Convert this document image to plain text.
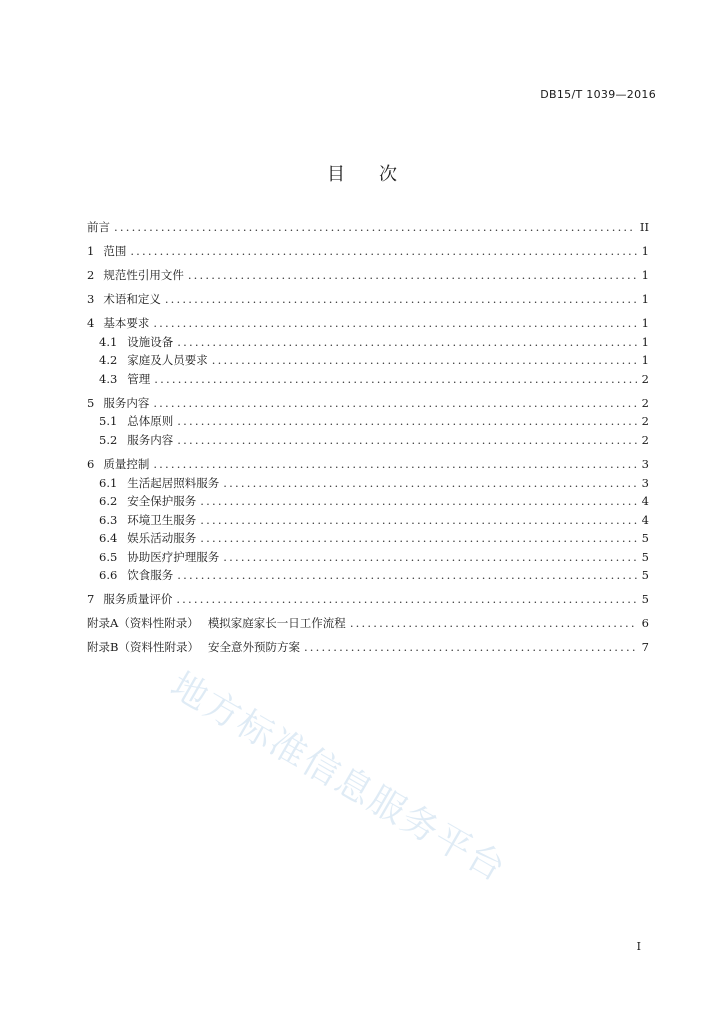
DB15/T 1039—2016
目 次
前言 .....	II
1 范围 .....	1
2 规范性引用文件 .....	1
3 术语和定义 .....	1
4 基本要求 .....	1
4.1 设施设备 .....	1
4.2 家庭及人员要求 .....	1
4.3 管理 .....	2
5 服务内容 .....	2
5.1 总体原则 .....	2
5.2 服务内容 .....	2
6 质量控制 .....	3
6.1 生活起居照料服务 .....	3
6.2 安全保护服务 .....	4
6.3 环境卫生服务 .....	4
6.4 娱乐活动服务 .....	5
6.5 协助医疗护理服务 .....	5
6.6 饮食服务 .....	5
7 服务质量评价 .....	5
附录A（资料性附录） 模拟家庭家长一日工作流程 .....	6
附录B（资料性附录） 安全意外预防方案 .....	7
地方标准信息服务平台
I
